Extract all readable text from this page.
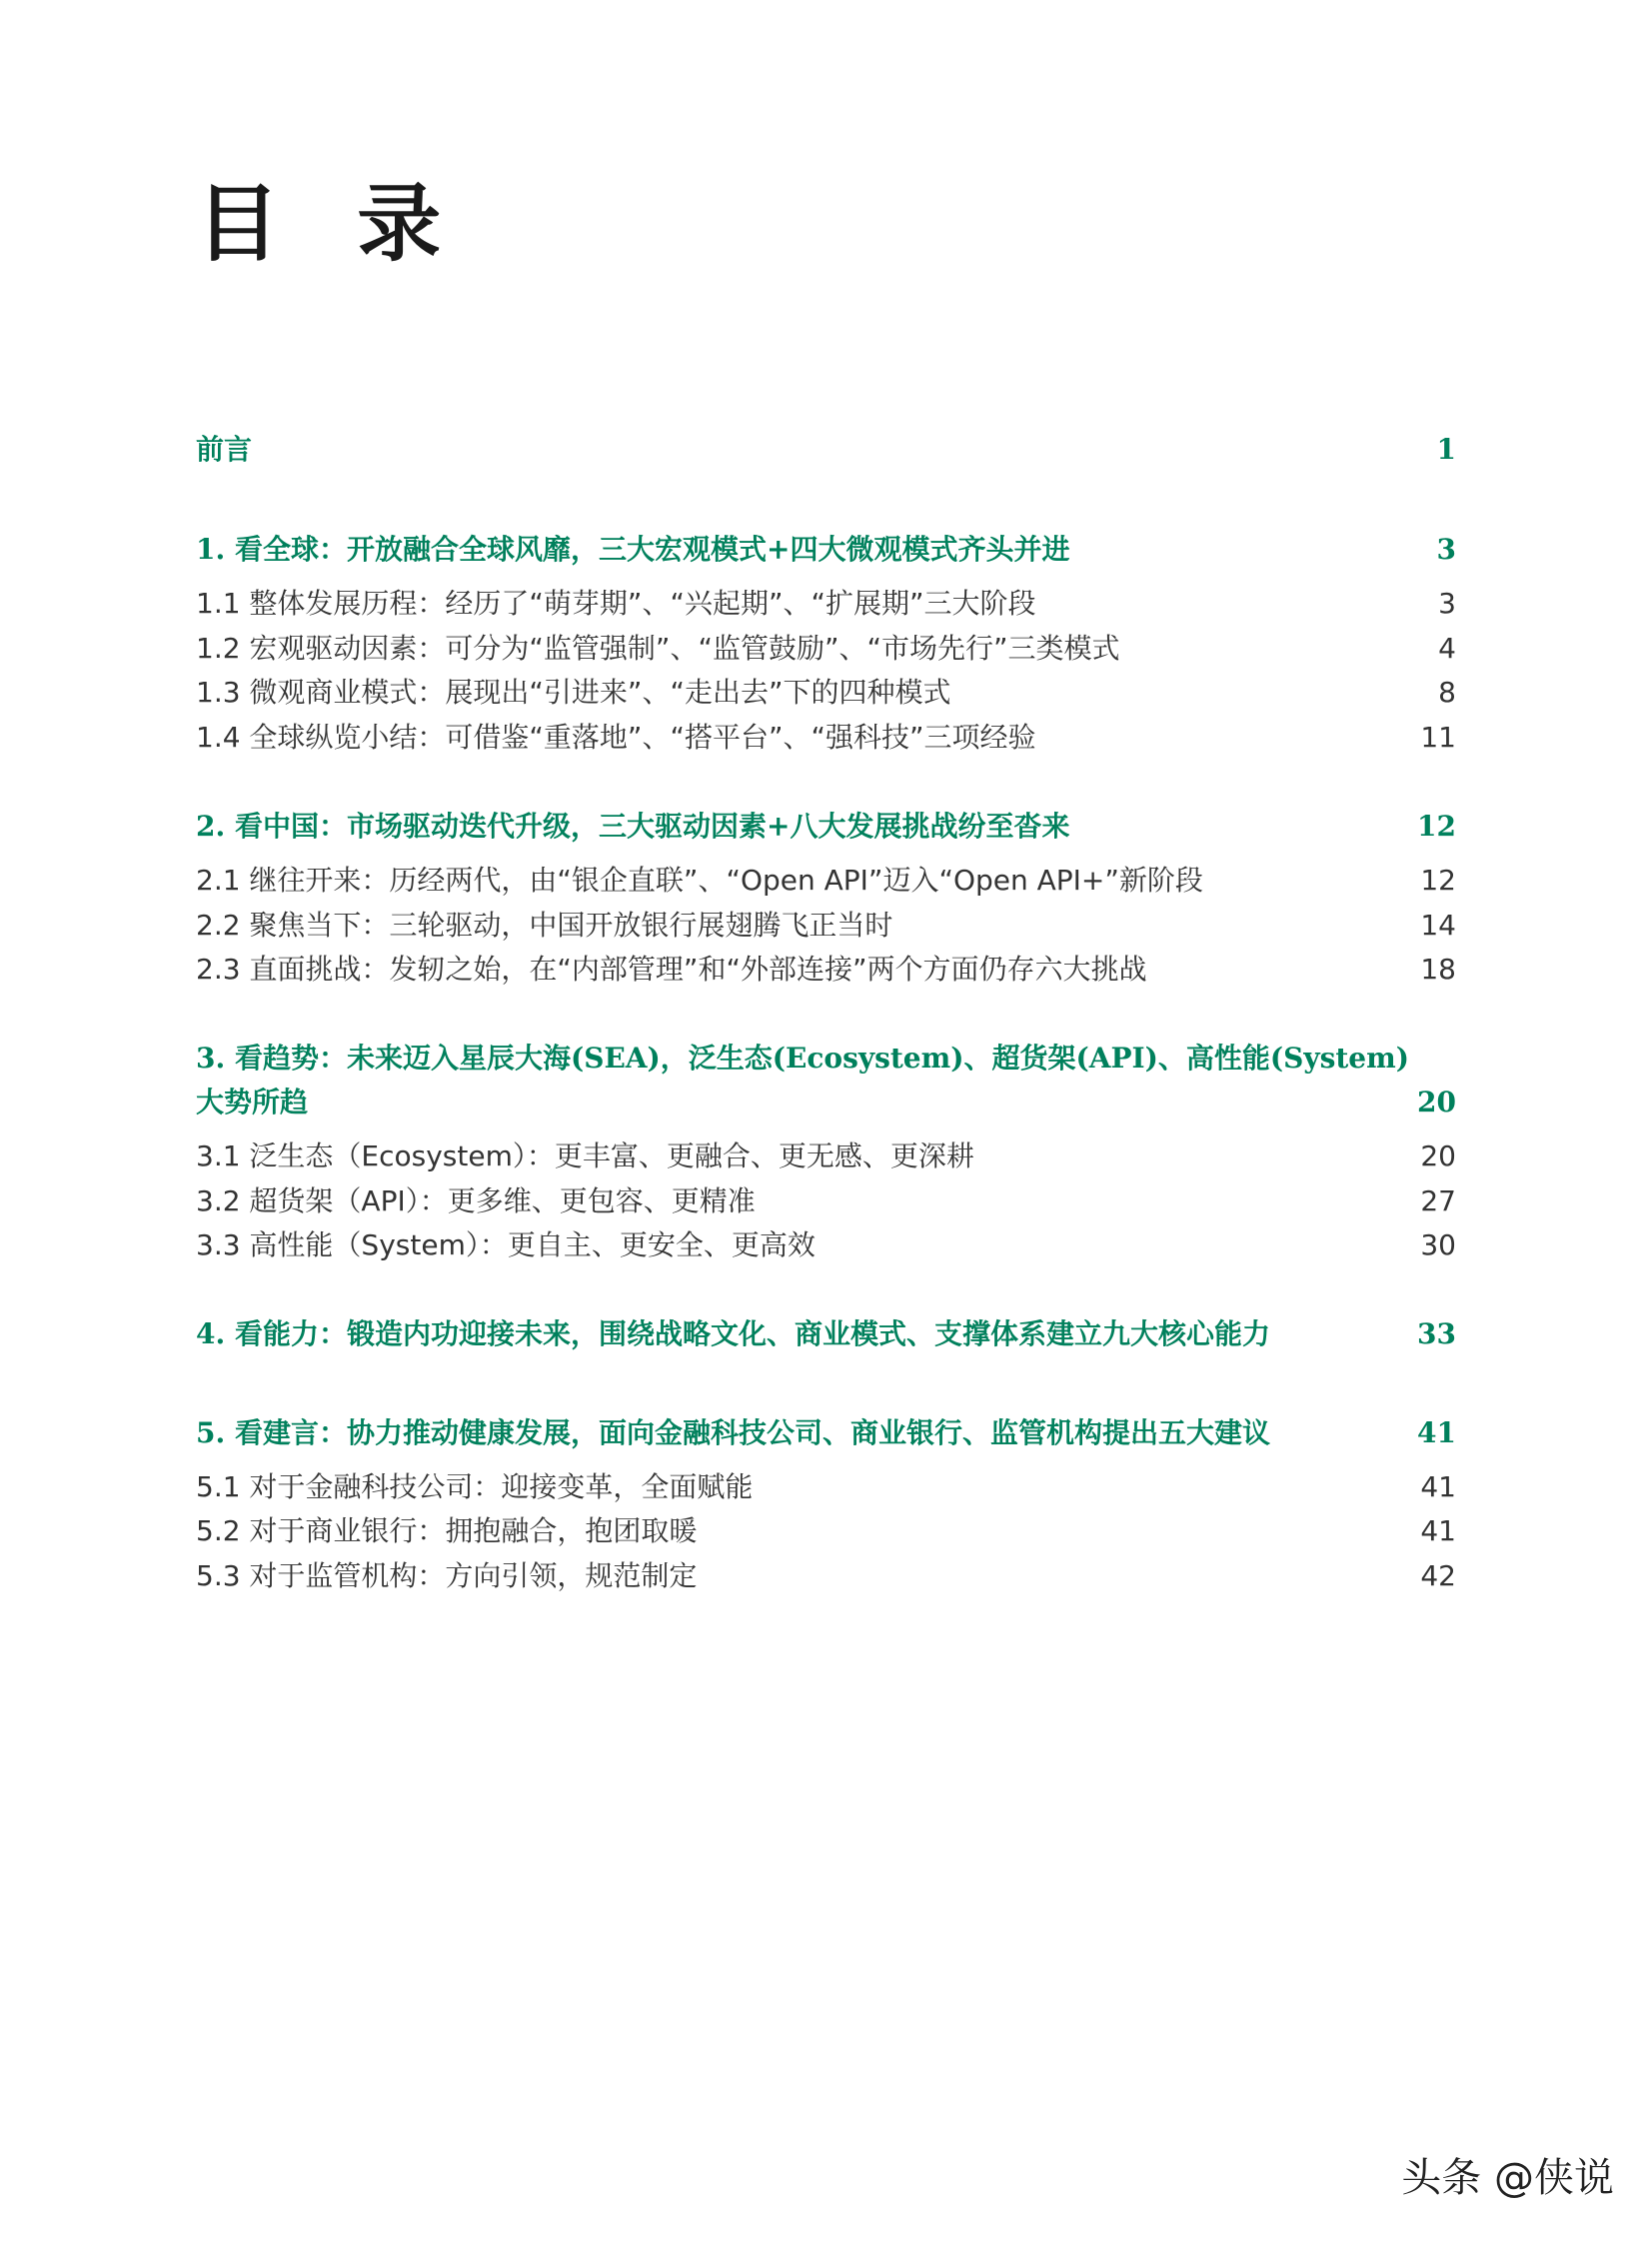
目 录
前言	1
1. 看全球：开放融合全球风靡，三大宏观模式+四大微观模式齐头并进	3
1.1 整体发展历程：经历了“萌芽期”、“兴起期”、“扩展期”三大阶段	3
1.2 宏观驱动因素：可分为“监管强制”、“监管鼓励”、“市场先行”三类模式	4
1.3 微观商业模式：展现出“引进来”、“走出去”下的四种模式	8
1.4 全球纵览小结：可借鉴“重落地”、“搭平台”、“强科技”三项经验	11
2. 看中国：市场驱动迭代升级，三大驱动因素+八大发展挑战纷至沓来	12
2.1 继往开来：历经两代，由“银企直联”、“Open API”迈入“Open API+”新阶段	12
2.2 聚焦当下：三轮驱动，中国开放银行展翅腾飞正当时	14
2.3 直面挑战：发轫之始，在“内部管理”和“外部连接”两个方面仍存六大挑战	18
3. 看趋势：未来迈入星辰大海(SEA)，泛生态(Ecosystem)、超货架(API)、高性能(System)
大势所趋	20
3.1 泛生态（Ecosystem）：更丰富、更融合、更无感、更深耕	20
3.2 超货架（API）：更多维、更包容、更精准	27
3.3 高性能（System）：更自主、更安全、更高效	30
4. 看能力：锻造内功迎接未来，围绕战略文化、商业模式、支撑体系建立九大核心能力	33
5. 看建言：协力推动健康发展，面向金融科技公司、商业银行、监管机构提出五大建议	41
5.1 对于金融科技公司：迎接变革，全面赋能	41
5.2 对于商业银行：拥抱融合，抱团取暖	41
5.3 对于监管机构：方向引领，规范制定	42
头条 @侠说
